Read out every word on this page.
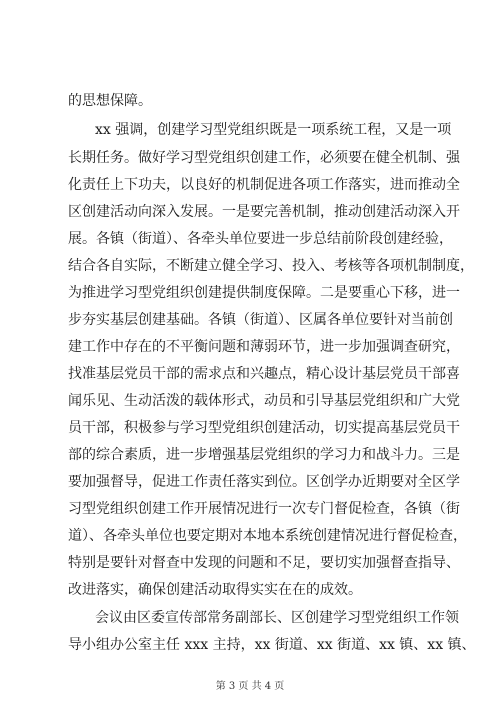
的思想保障。
xx 强调，创建学习型党组织既是一项系统工程，又是一项
长期任务。做好学习型党组织创建工作，必须要在健全机制、强
化责任上下功夫，以良好的机制促进各项工作落实，进而推动全
区创建活动向深入发展。一是要完善机制，推动创建活动深入开
展。各镇（街道）、各牵头单位要进一步总结前阶段创建经验，
结合各自实际，不断建立健全学习、投入、考核等各项机制制度，
为推进学习型党组织创建提供制度保障。二是要重心下移，进一
步夯实基层创建基础。各镇（街道）、区属各单位要针对当前创
建工作中存在的不平衡问题和薄弱环节，进一步加强调查研究，
找准基层党员干部的需求点和兴趣点，精心设计基层党员干部喜
闻乐见、生动活泼的载体形式，动员和引导基层党组织和广大党
员干部，积极参与学习型党组织创建活动，切实提高基层党员干
部的综合素质，进一步增强基层党组织的学习力和战斗力。三是
要加强督导，促进工作责任落实到位。区创学办近期要对全区学
习型党组织创建工作开展情况进行一次专门督促检查，各镇（街
道）、各牵头单位也要定期对本地本系统创建情况进行督促检查，
特别是要针对督查中发现的问题和不足，要切实加强督查指导、
改进落实，确保创建活动取得实实在在的成效。
会议由区委宣传部常务副部长、区创建学习型党组织工作领
导小组办公室主任 xxx 主持，xx 街道、xx 街道、xx 镇、xx 镇、
第 3 页 共 4 页
